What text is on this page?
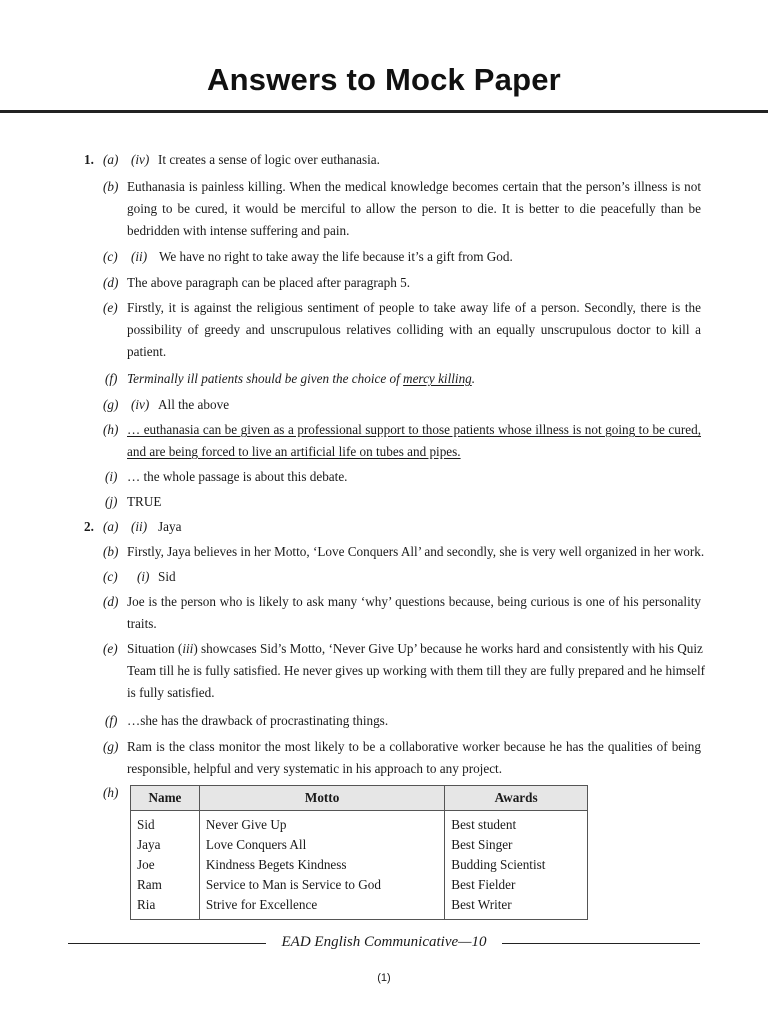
Answers to Mock Paper
1. (a) (iv) It creates a sense of logic over euthanasia.
(b) Euthanasia is painless killing. When the medical knowledge becomes certain that the person’s illness is not
going to be cured, it would be merciful to allow the person to die. It is better to die peacefully than be
bedridden with intense suffering and pain.
(c) (ii) We have no right to take away the life because it’s a gift from God.
(d) The above paragraph can be placed after paragraph 5.
(e) Firstly, it is against the religious sentiment of people to take away life of a person. Secondly, there is the
possibility of greedy and unscrupulous relatives colliding with an equally unscrupulous doctor to kill a
patient.
(f) Terminally ill patients should be given the choice of mercy killing.
(g) (iv) All the above
(h) … euthanasia can be given as a professional support to those patients whose illness is not going to be cured,
and are being forced to live an artificial life on tubes and pipes.
(i) … the whole passage is about this debate.
(j) TRUE
2. (a) (ii) Jaya
(b) Firstly, Jaya believes in her Motto, ‘Love Conquers All’ and secondly, she is very well organized in her work.
(c) (i) Sid
(d) Joe is the person who is likely to ask many ‘why’ questions because, being curious is one of his personality
traits.
(e) Situation (iii) showcases Sid’s Motto, ‘Never Give Up’ because he works hard and consistently with his Quiz
Team till he is fully satisfied. He never gives up working with them till they are fully prepared and he himself
is fully satisfied.
(f) …she has the drawback of procrastinating things.
(g) Ram is the class monitor the most likely to be a collaborative worker because he has the qualities of being
responsible, helpful and very systematic in his approach to any project.
(h) Name	Motto	Awards
Sid	Never Give Up	Best student
Jaya	Love Conquers All	Best Singer
Joe	Kindness Begets Kindness	Budding Scientist
Ram	Service to Man is Service to God	Best Fielder
Ria	Strive for Excellence	Best Writer
EAD English Communicative—10
(1)
